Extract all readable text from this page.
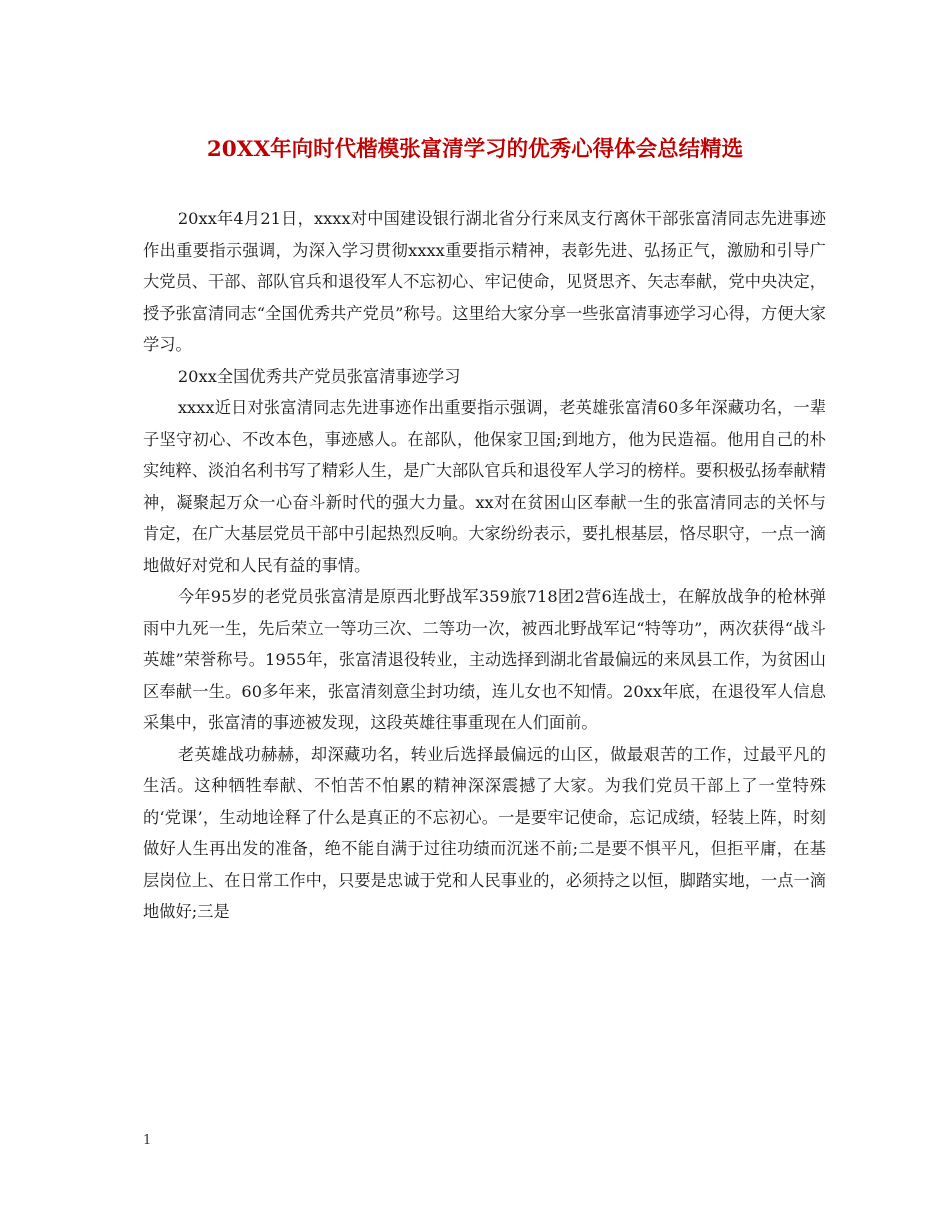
20XX年向时代楷模张富清学习的优秀心得体会总结精选

20xx年4月21日，xxxx对中国建设银行湖北省分行来凤支行离休干部张富清同志先进事迹作出重要指示强调，为深入学习贯彻xxxx重要指示精神，表彰先进、弘扬正气，激励和引导广大党员、干部、部队官兵和退役军人不忘初心、牢记使命，见贤思齐、矢志奉献，党中央决定，授予张富清同志“全国优秀共产党员”称号。这里给大家分享一些张富清事迹学习心得，方便大家学习。

20xx全国优秀共产党员张富清事迹学习

xxxx近日对张富清同志先进事迹作出重要指示强调，老英雄张富清60多年深藏功名，一辈子坚守初心、不改本色，事迹感人。在部队，他保家卫国;到地方，他为民造福。他用自己的朴实纯粹、淡泊名利书写了精彩人生，是广大部队官兵和退役军人学习的榜样。要积极弘扬奉献精神，凝聚起万众一心奋斗新时代的强大力量。xx对在贫困山区奉献一生的张富清同志的关怀与肯定，在广大基层党员干部中引起热烈反响。大家纷纷表示，要扎根基层，恪尽职守，一点一滴地做好对党和人民有益的事情。

今年95岁的老党员张富清是原西北野战军359旅718团2营6连战士，在解放战争的枪林弹雨中九死一生，先后荣立一等功三次、二等功一次，被西北野战军记“特等功”，两次获得“战斗英雄”荣誉称号。1955年，张富清退役转业，主动选择到湖北省最偏远的来凤县工作，为贫困山区奉献一生。60多年来，张富清刻意尘封功绩，连儿女也不知情。20xx年底，在退役军人信息采集中，张富清的事迹被发现，这段英雄往事重现在人们面前。

老英雄战功赫赫，却深藏功名，转业后选择最偏远的山区，做最艰苦的工作，过最平凡的生活。这种牺牲奉献、不怕苦不怕累的精神深深震撼了大家。为我们党员干部上了一堂特殊的‘党课’，生动地诠释了什么是真正的不忘初心。一是要牢记使命，忘记成绩，轻装上阵，时刻做好人生再出发的准备，绝不能自满于过往功绩而沉迷不前;二是要不惧平凡，但拒平庸，在基层岗位上、在日常工作中，只要是忠诚于党和人民事业的，必须持之以恒，脚踏实地，一点一滴地做好;三是

1
